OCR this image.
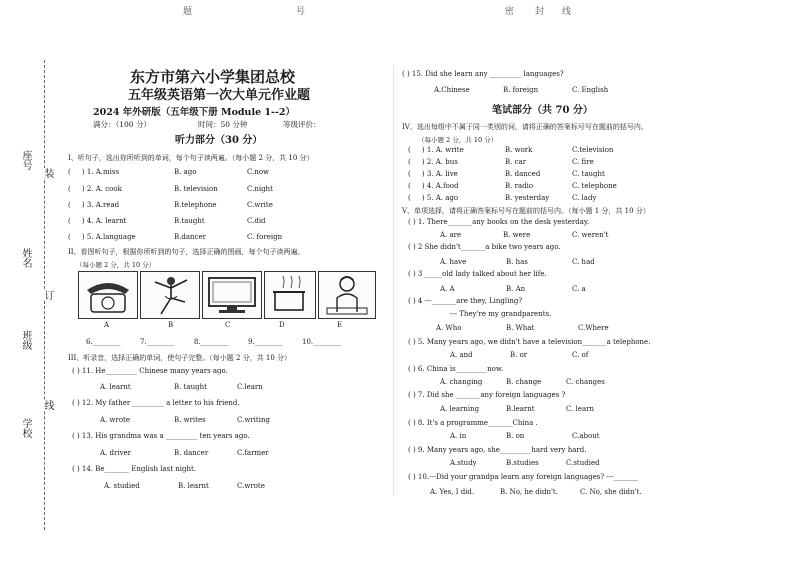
题	号	密 封 线
座号
姓名
班级
学校
装
订
线
东方市第六小学集团总校
五年级英语第一次大单元作业题
2024 年外研版（五年级下册 Module 1--2）
满分：（100 分）	时间：50 分钟	等级评价：
听力部分（30 分）
I、听句子，选出你所听到的单词，每个句子读两遍。（每小题 2 分，共 10 分）
(     ) 1. A.miss	B. ago	C.now
(     ) 2. A. cook	B. television	C.night
(     ) 3. A.read	B.telephone	C.write
(     ) 4. A. learnt	B.taught	C.did
(     ) 5. A.language	B.dancer	C. foreign
II、看图听句子，根据你所听到的句子，选择正确的图画，每个句子读两遍。
（每小题 2 分，共 10 分）
A	B	C	D	E
6.________	7.________	8.________	9.________	10.________
III、听录音，选择正确的单词，使句子完整。（每小题 2 分，共 10 分）
( ) 11. He_________ Chinese many years ago.
A. learnt	B. taught	C.learn
( ) 12. My father _________ a letter to his friend.
A. wrote	B. writes	C.writing
( ) 13. His grandma was a _________ ten years ago.
A. driver	B. dancer	C.farmer
( ) 14. Be_______ English last night.
A. studied	B. learnt	C.wrote
( ) 15. Did she learn any _________ languages?
A.Chinese	B. foreign	C. English
笔试部分（共 70 分）
IV、选出每组中不属于同一类别的词，请将正确的答案标号写在题前的括号内。
（每小题 2 分，共 10 分）
(     ) 1. A. write	B. work	C.television
(     ) 2. A. bus	B. car	C. fire
(     ) 3. A. live	B. danced	C. taught
(     ) 4. A.food	B. radio	C. telephone
(     ) 5. A. ago	B. yesterday	C. lady
V、单项选择，请将正确答案标号写在题前的括号内。（每小题 1 分，共 10 分）
( ) 1. There_______any books on the desk yesterday.
A. are	B. were	C. weren't
( ) 2 She didn't_______a bike two years ago.
A. have	B. has	C. had
( ) 3 _____old lady talked about her life.
A. A	B. An	C. a
( ) 4 ---_______are they, Lingling?
--- They're my grandparents.
A. Who	B. What	C.Where
( ) 5. Many years ago, we didn't have a television_______a telephone.
A. and	B. or	C. of
( ) 6. China is_________now.
A. changing	B. change	C. changes
( ) 7. Did she _______any foreign languages ?
A. learning	B.learnt	C. learn
( ) 8. It's a programme_______China .
A. in	B. on	C.about
( ) 9. Many years ago, she_________hard very hard.
A.study	B.studies	C.studied
( ) 10.---Did your grandpa learn any foreign languages? ---_______
A. Yes, I did.	B. No, he didn't.	C. No, she didn't.
